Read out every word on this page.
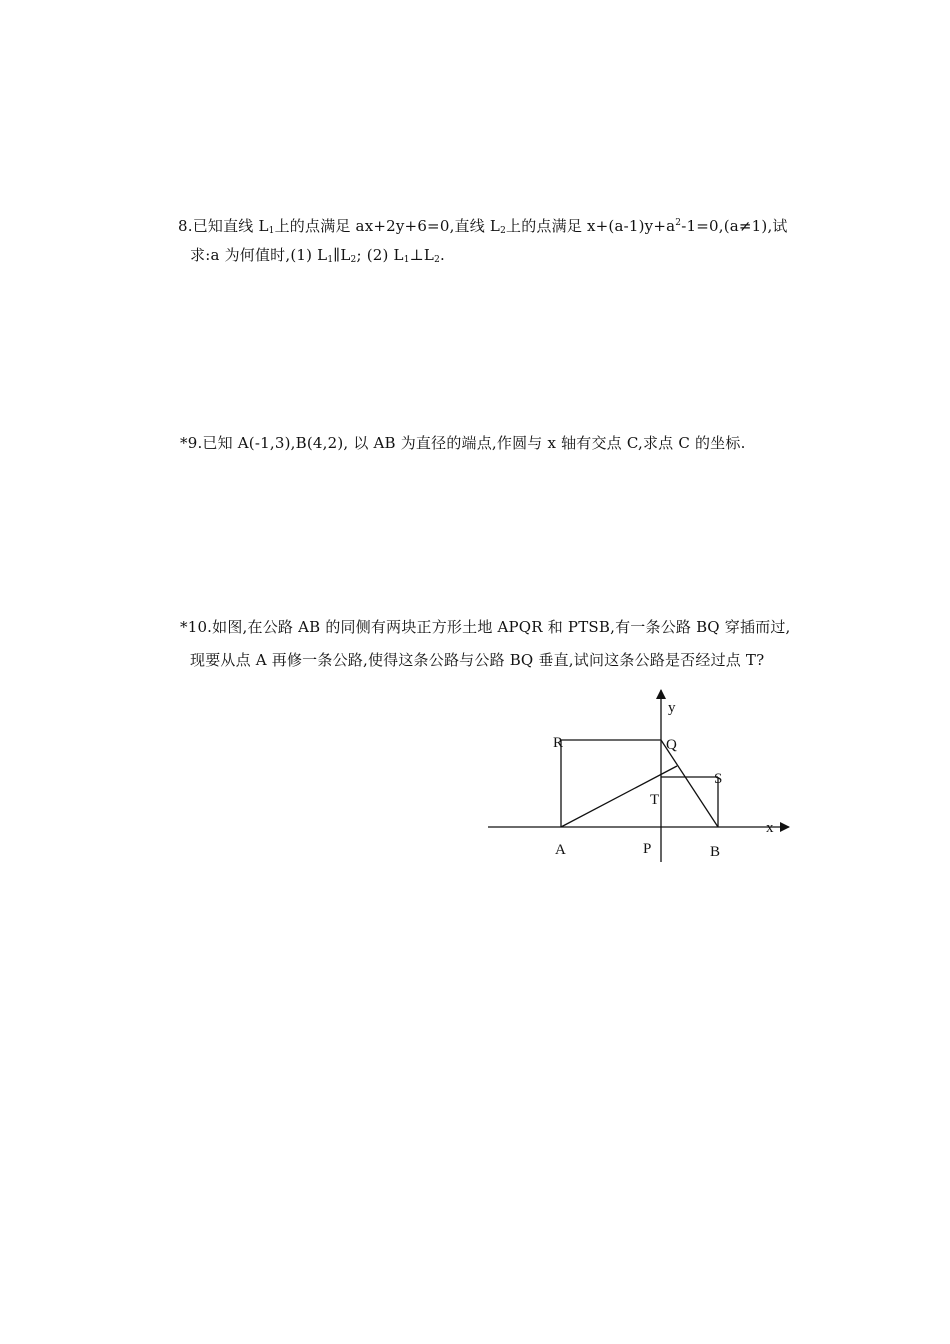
8.已知直线 $L_1$上的点满足 ax+2y+6=0,直线 $L_2$上的点满足 $x+(a-1)y+a^2-1=0,(a\ne 1)$,试
求:a 为何值时,(1) $L_1\parallel L_2$; (2) $L_1\perp L_2$.
*9.已知 A(-1,3),B(4,2), 以 AB 为直径的端点,作圆与 x 轴有交点 C,求点 C 的坐标.
*10.如图,在公路 AB 的同侧有两块正方形土地 APQR 和 PTSB,有一条公路 BQ 穿插而过,
现要从点 A 再修一条公路,使得这条公路与公路 BQ 垂直,试问这条公路是否经过点 T?
y
x
R	Q
S
T
A	P	B
